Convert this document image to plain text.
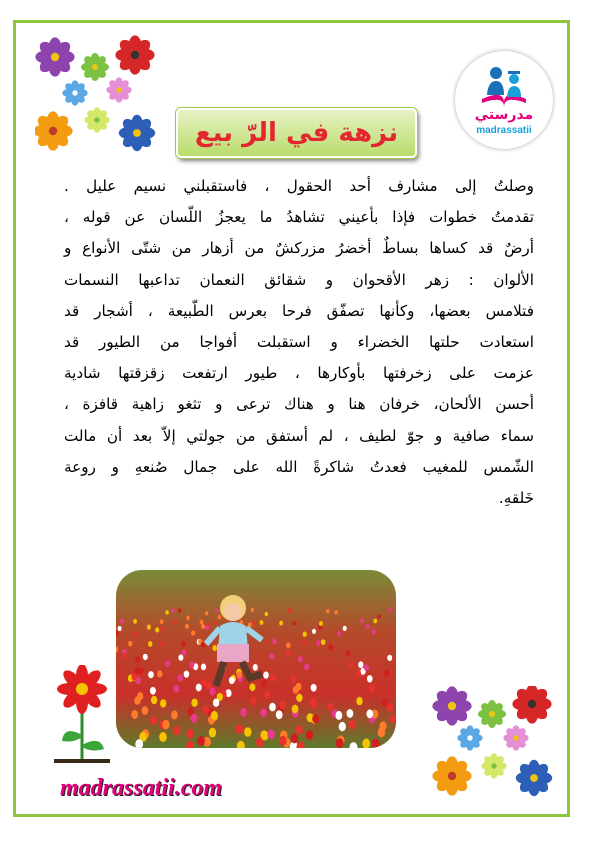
مدرستي
madrassatii
نزهة في الرّ بيع

وصلتُ إلى مشارف أحد الحقول ، فاستقبلني نسيم عليل .

تقدمتُ خطوات فإذا بأعيني تشاهدُ ما يعجزُ اللّسان عن قوله ،

أرضٌ قد كساها بساطٌ أخضرُ مزركشٌ من أزهار من شتّى الأنواع و

الألوان : زهر الأقحوان و شقائق النعمان تداعبها النسمات

فتلامس بعضها، وكأنها تصفّق فرحا بعرس الطّبيعة ، أشجار قد

استعادت حلتها الخضراء و استقبلت أفواجا من الطيور قد

عزمت على زخرفتها بأوكارها ، طيور ارتفعت زقزقتها شادية

أحسن الألحان، خرفان هنا و هناك ترعى و تثغو زاهية قافزة ،

سماء صافية و جوّ لطيف ، لم أستفق من جولتي إلاّ بعد أن مالت

الشّمس للمغيب فعدتُ شاكرةً الله على جمال صُنعهِ و روعة

خَلقهِ.

madrassatii.com
